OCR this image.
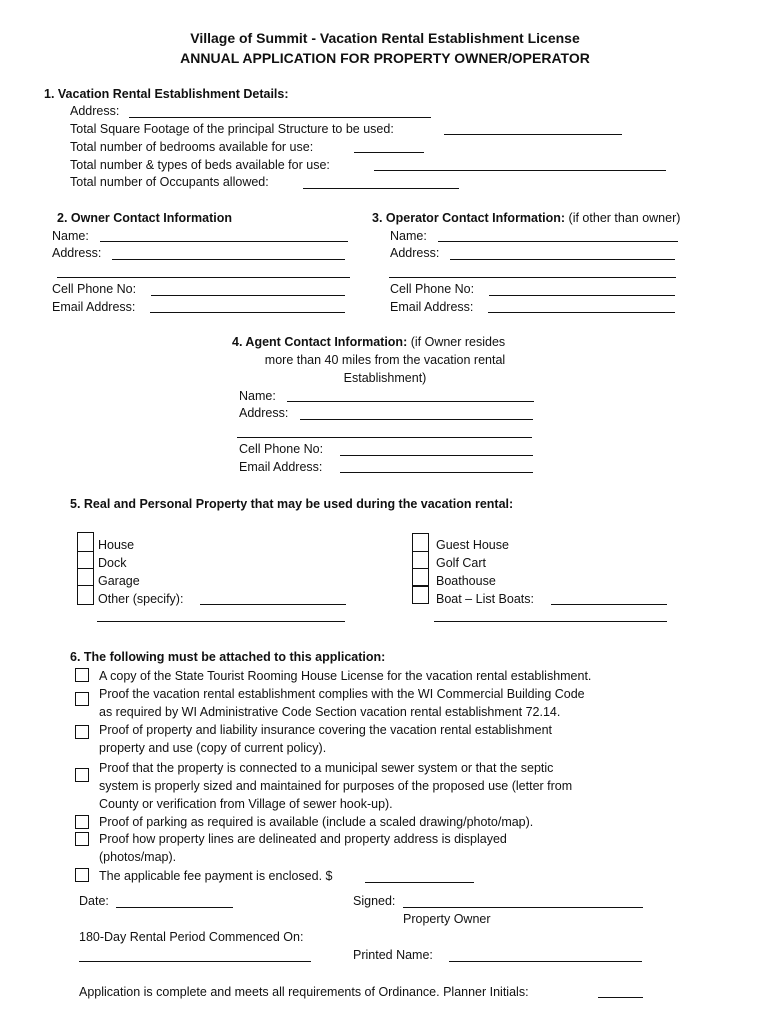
Village of Summit - Vacation Rental Establishment License
ANNUAL APPLICATION FOR PROPERTY OWNER/OPERATOR
1. Vacation Rental Establishment Details:
Address:
Total Square Footage of the principal Structure to be used:
Total number of bedrooms available for use:
Total number & types of beds available for use:
Total number of Occupants allowed:
2. Owner Contact Information
Name:
Address:
Cell Phone No:
Email Address:
3. Operator Contact Information: (if other than owner)
Name:
Address:
Cell Phone No:
Email Address:
4. Agent Contact Information: (if Owner resides
more than 40 miles from the vacation rental
Establishment)
Name:
Address:
Cell Phone No:
Email Address:
5. Real and Personal Property that may be used during the vacation rental:
House
Dock
Garage
Other (specify):
Guest House
Golf Cart
Boathouse
Boat – List Boats:
6. The following must be attached to this application:
A copy of the State Tourist Rooming House License for the vacation rental establishment.
Proof the vacation rental establishment complies with the WI Commercial Building Code
as required by WI Administrative Code Section vacation rental establishment 72.14.
Proof of property and liability insurance covering the vacation rental establishment
property and use (copy of current policy).
Proof that the property is connected to a municipal sewer system or that the septic
system is properly sized and maintained for purposes of the proposed use (letter from
County or verification from Village of sewer hook-up).
Proof of parking as required is available (include a scaled drawing/photo/map).
Proof how property lines are delineated and property address is displayed
(photos/map).
The applicable fee payment is enclosed. $
Date:	Signed:
Property Owner
180-Day Rental Period Commenced On:
Printed Name:
Application is complete and meets all requirements of Ordinance. Planner Initials:
